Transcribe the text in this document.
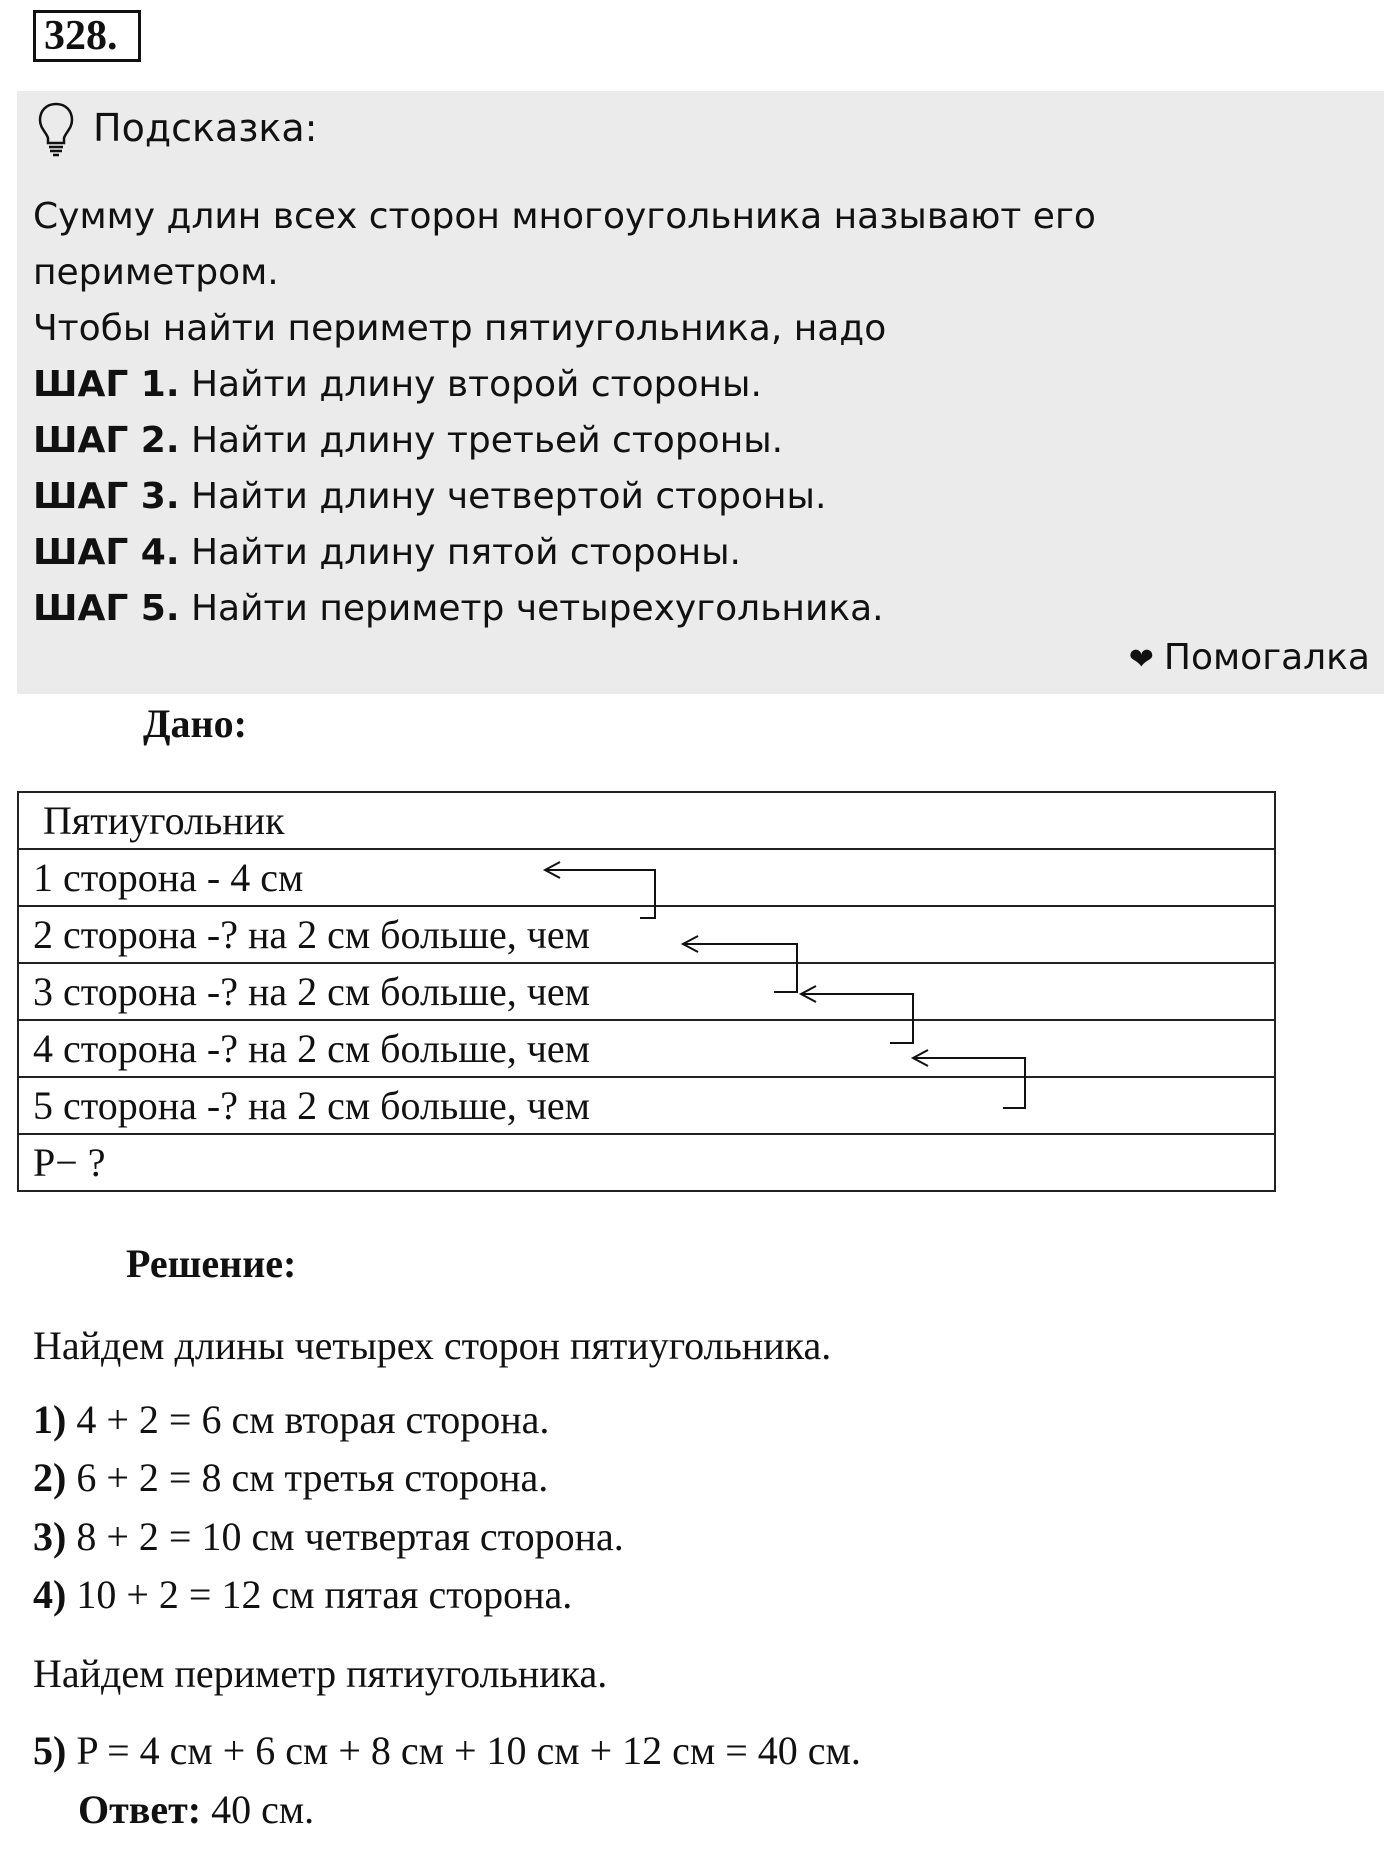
328.
Подсказка:
Сумму длин всех сторон многоугольника называют его
периметром.
Чтобы найти периметр пятиугольника, надо
ШАГ 1. Найти длину второй стороны.
ШАГ 2. Найти длину третьей стороны.
ШАГ 3. Найти длину четвертой стороны.
ШАГ 4. Найти длину пятой стороны.
ШАГ 5. Найти периметр четырехугольника.
❤ Помогалка
Дано:
Пятиугольник
1 сторона - 4 см
2 сторона -? на 2 см больше, чем
3 сторона -? на 2 см больше, чем
4 сторона -? на 2 см больше, чем
5 сторона -? на 2 см больше, чем
P− ?
Решение:
Найдем длины четырех сторон пятиугольника.
1) 4 + 2 = 6 см вторая сторона.
2) 6 + 2 = 8 см третья сторона.
3) 8 + 2 = 10 см четвертая сторона.
4) 10 + 2 = 12 см пятая сторона.
Найдем периметр пятиугольника.
5) P = 4 см + 6 см + 8 см + 10 см + 12 см = 40 см.
Ответ: 40 см.
